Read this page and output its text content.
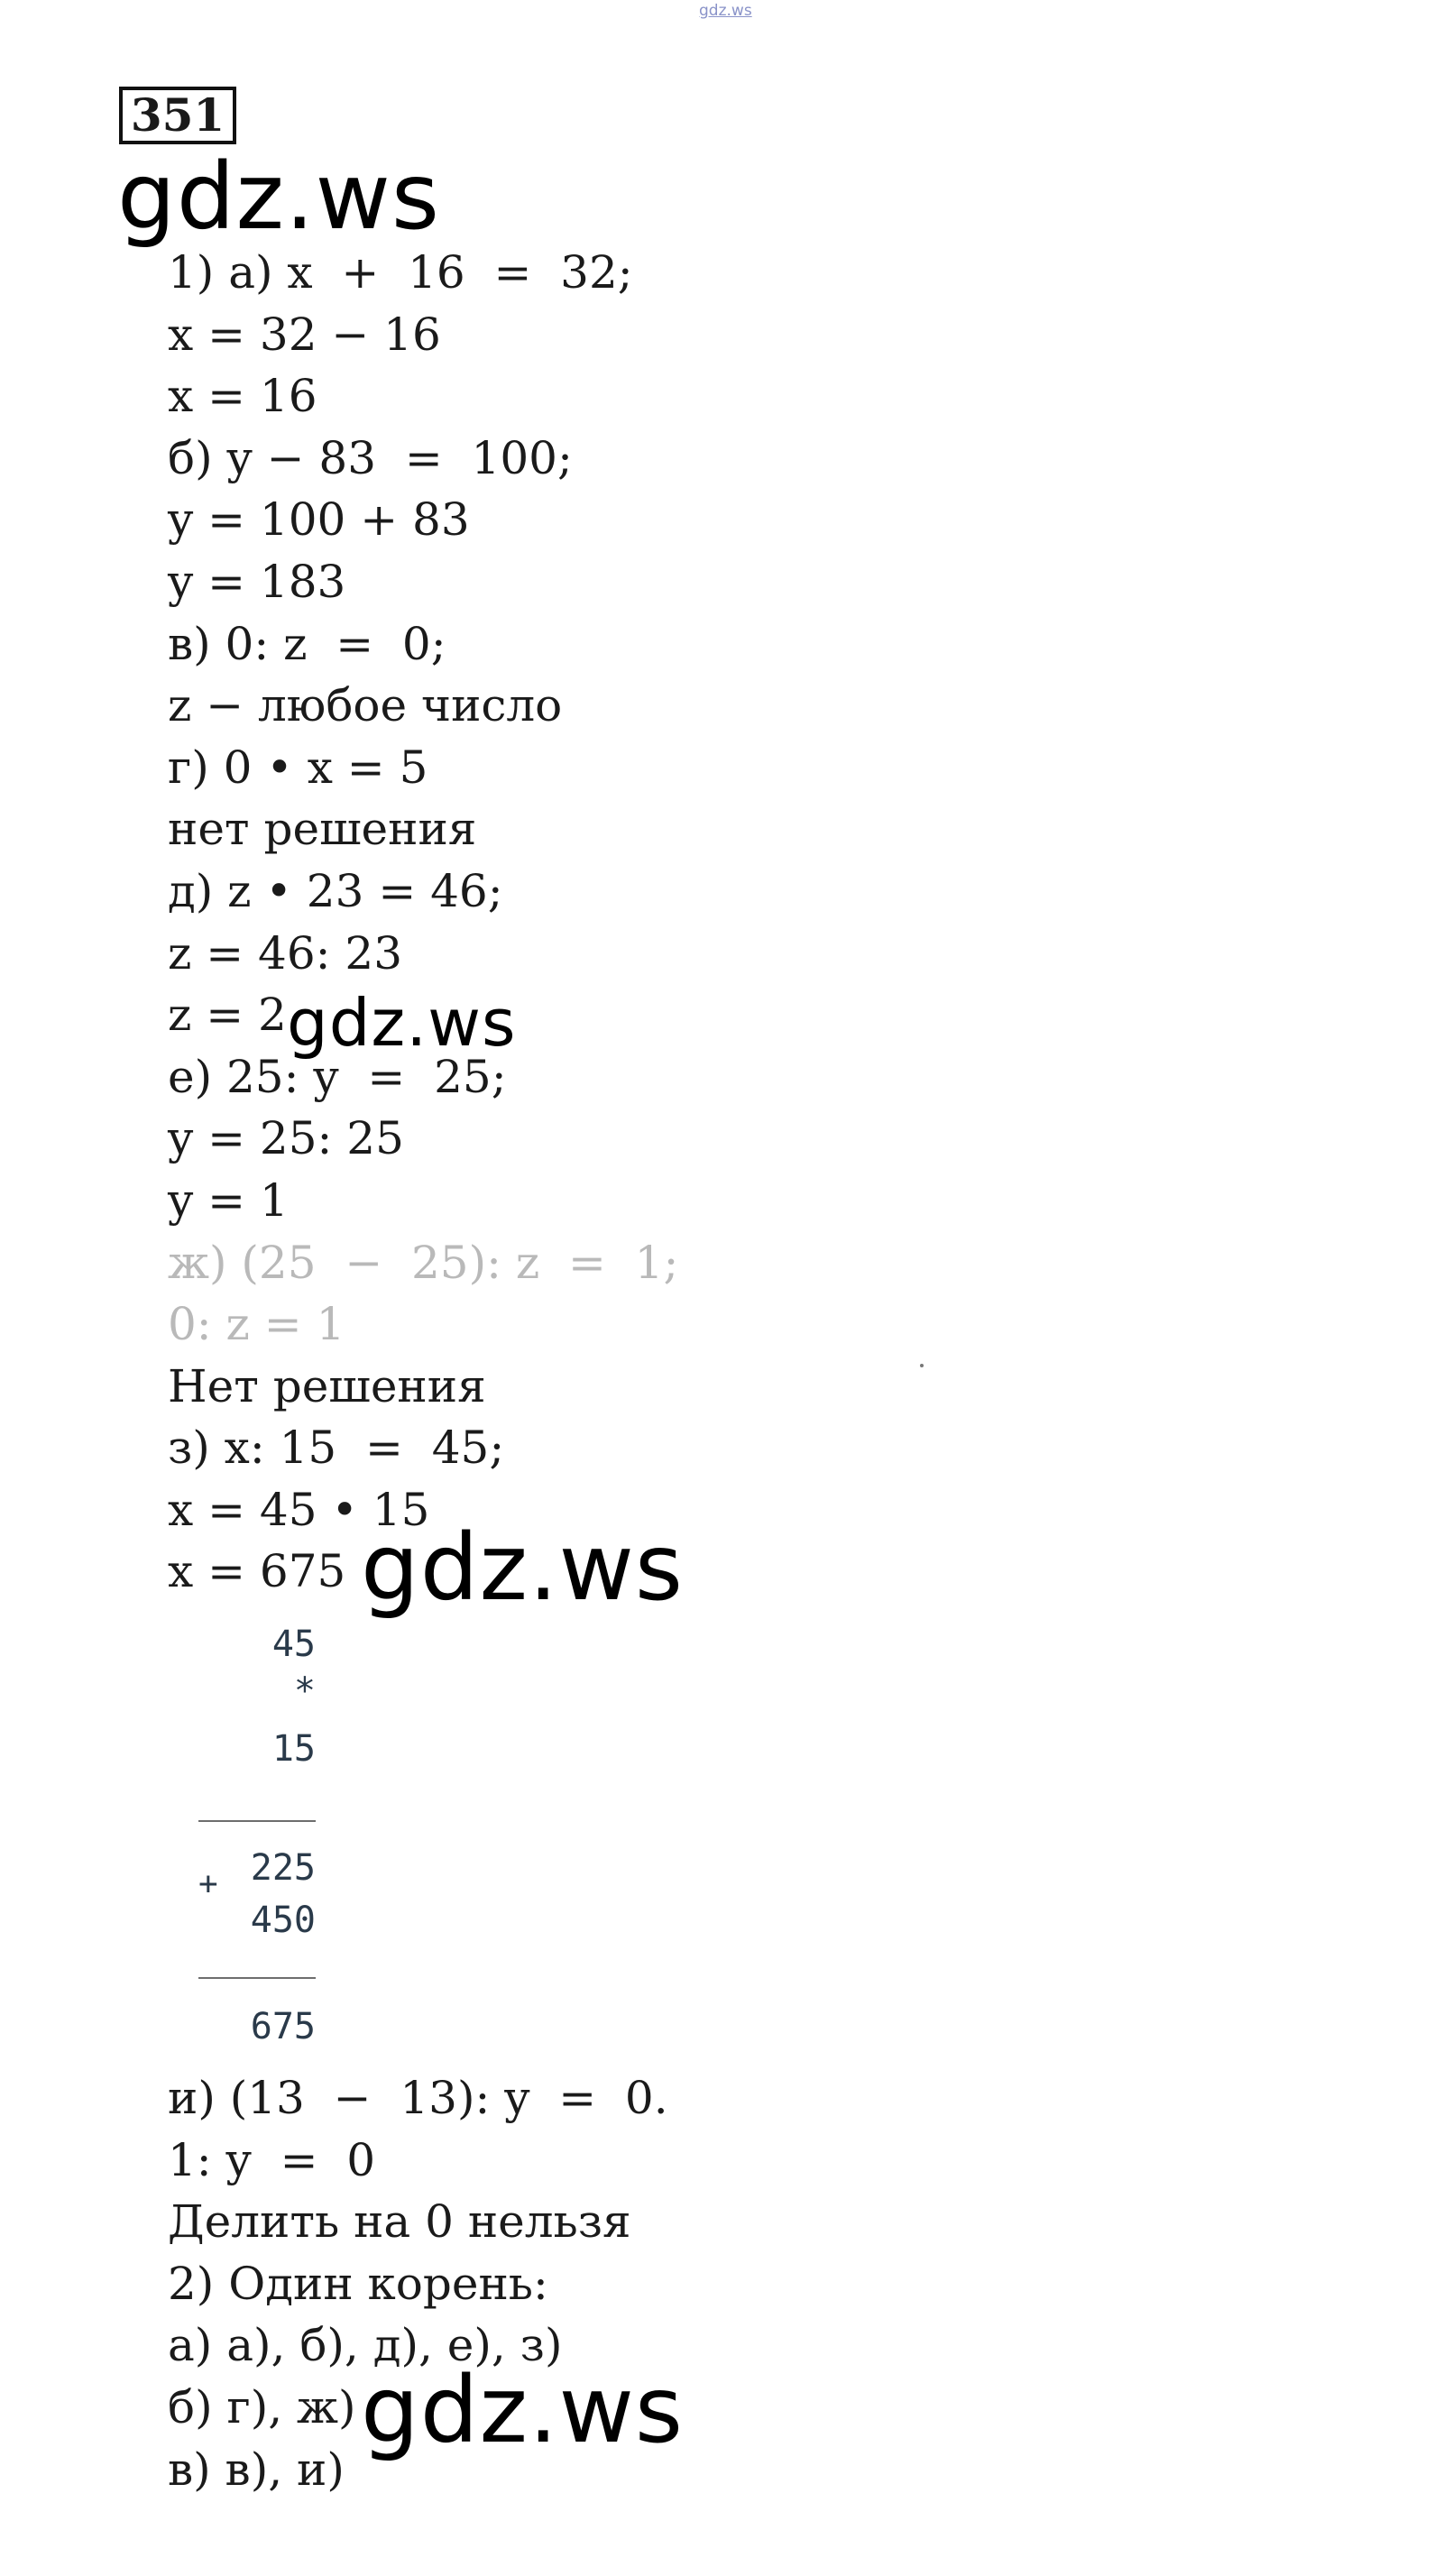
gdz.ws
351
gdz.ws
1) а) x  +  16  =  32;
x = 32 − 16
x = 16
б) y − 83  =  100;
y = 100 + 83
y = 183
в) 0: z  =  0;
z − любое число
г) 0 • x = 5
нет решения
д) z • 23 = 46;
z = 46: 23
z = 2
е) 25: y  =  25;
y = 25: 25
y = 1
ж) (25  −  25): z  =  1;
0: z = 1
Нет решения
з) x: 15  =  45;
x = 45 • 15
x = 675
gdz.ws
gdz.ws
45
*
15
+ 225
450
675
и) (13  −  13): y  =  0.
1: y  =  0
Делить на 0 нельзя
2) Один корень:
а) а), б), д), е), з)
б) г), ж)
в) в), и)
gdz.ws
